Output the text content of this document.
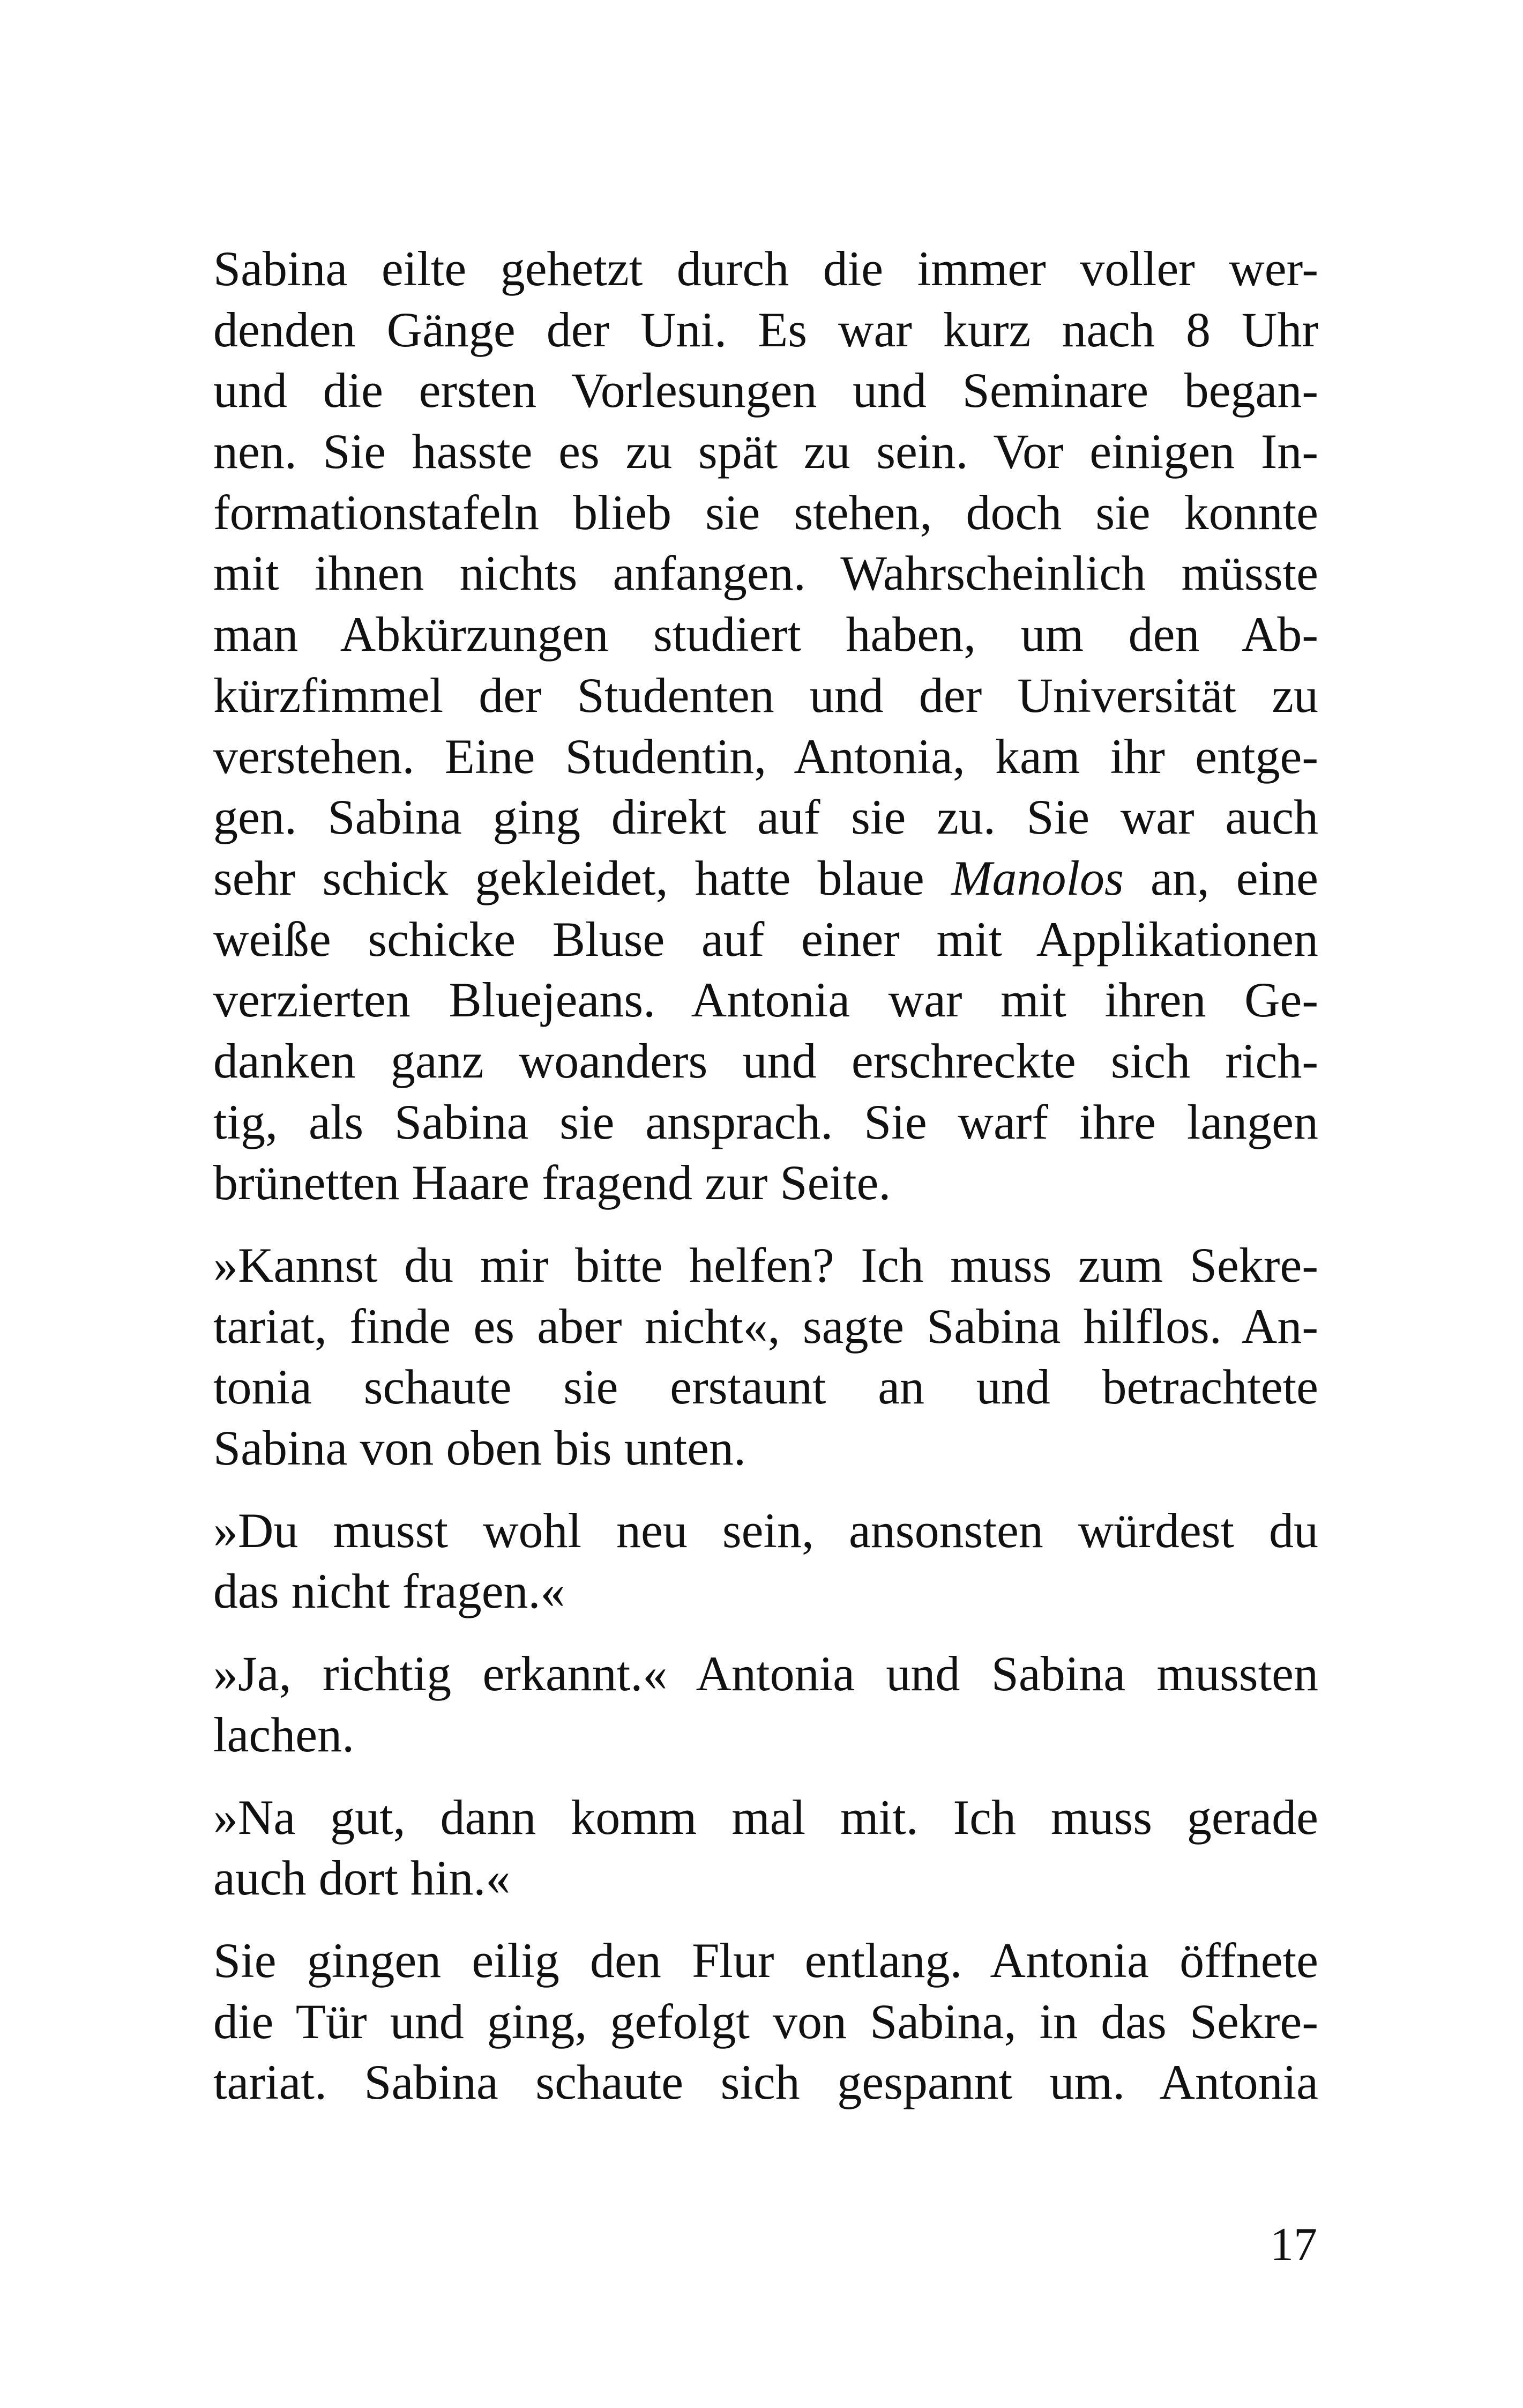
Sabina eilte gehetzt durch die immer voller wer-
denden Gänge der Uni. Es war kurz nach 8 Uhr
und die ersten Vorlesungen und Seminare began-
nen. Sie hasste es zu spät zu sein. Vor einigen In-
formationstafeln blieb sie stehen, doch sie konnte
mit ihnen nichts anfangen. Wahrscheinlich müsste
man Abkürzungen studiert haben, um den Ab-
kürzfimmel der Studenten und der Universität zu
verstehen. Eine Studentin, Antonia, kam ihr entge-
gen. Sabina ging direkt auf sie zu. Sie war auch
sehr schick gekleidet, hatte blaue Manolos an, eine
weiße schicke Bluse auf einer mit Applikationen
verzierten Bluejeans. Antonia war mit ihren Ge-
danken ganz woanders und erschreckte sich rich-
tig, als Sabina sie ansprach. Sie warf ihre langen
brünetten Haare fragend zur Seite.

»Kannst du mir bitte helfen? Ich muss zum Sekre-
tariat, finde es aber nicht«, sagte Sabina hilflos. An-
tonia schaute sie erstaunt an und betrachtete
Sabina von oben bis unten.

»Du musst wohl neu sein, ansonsten würdest du
das nicht fragen.«

»Ja, richtig erkannt.« Antonia und Sabina mussten
lachen.

»Na gut, dann komm mal mit. Ich muss gerade
auch dort hin.«

Sie gingen eilig den Flur entlang. Antonia öffnete
die Tür und ging, gefolgt von Sabina, in das Sekre-
tariat. Sabina schaute sich gespannt um. Antonia

17
